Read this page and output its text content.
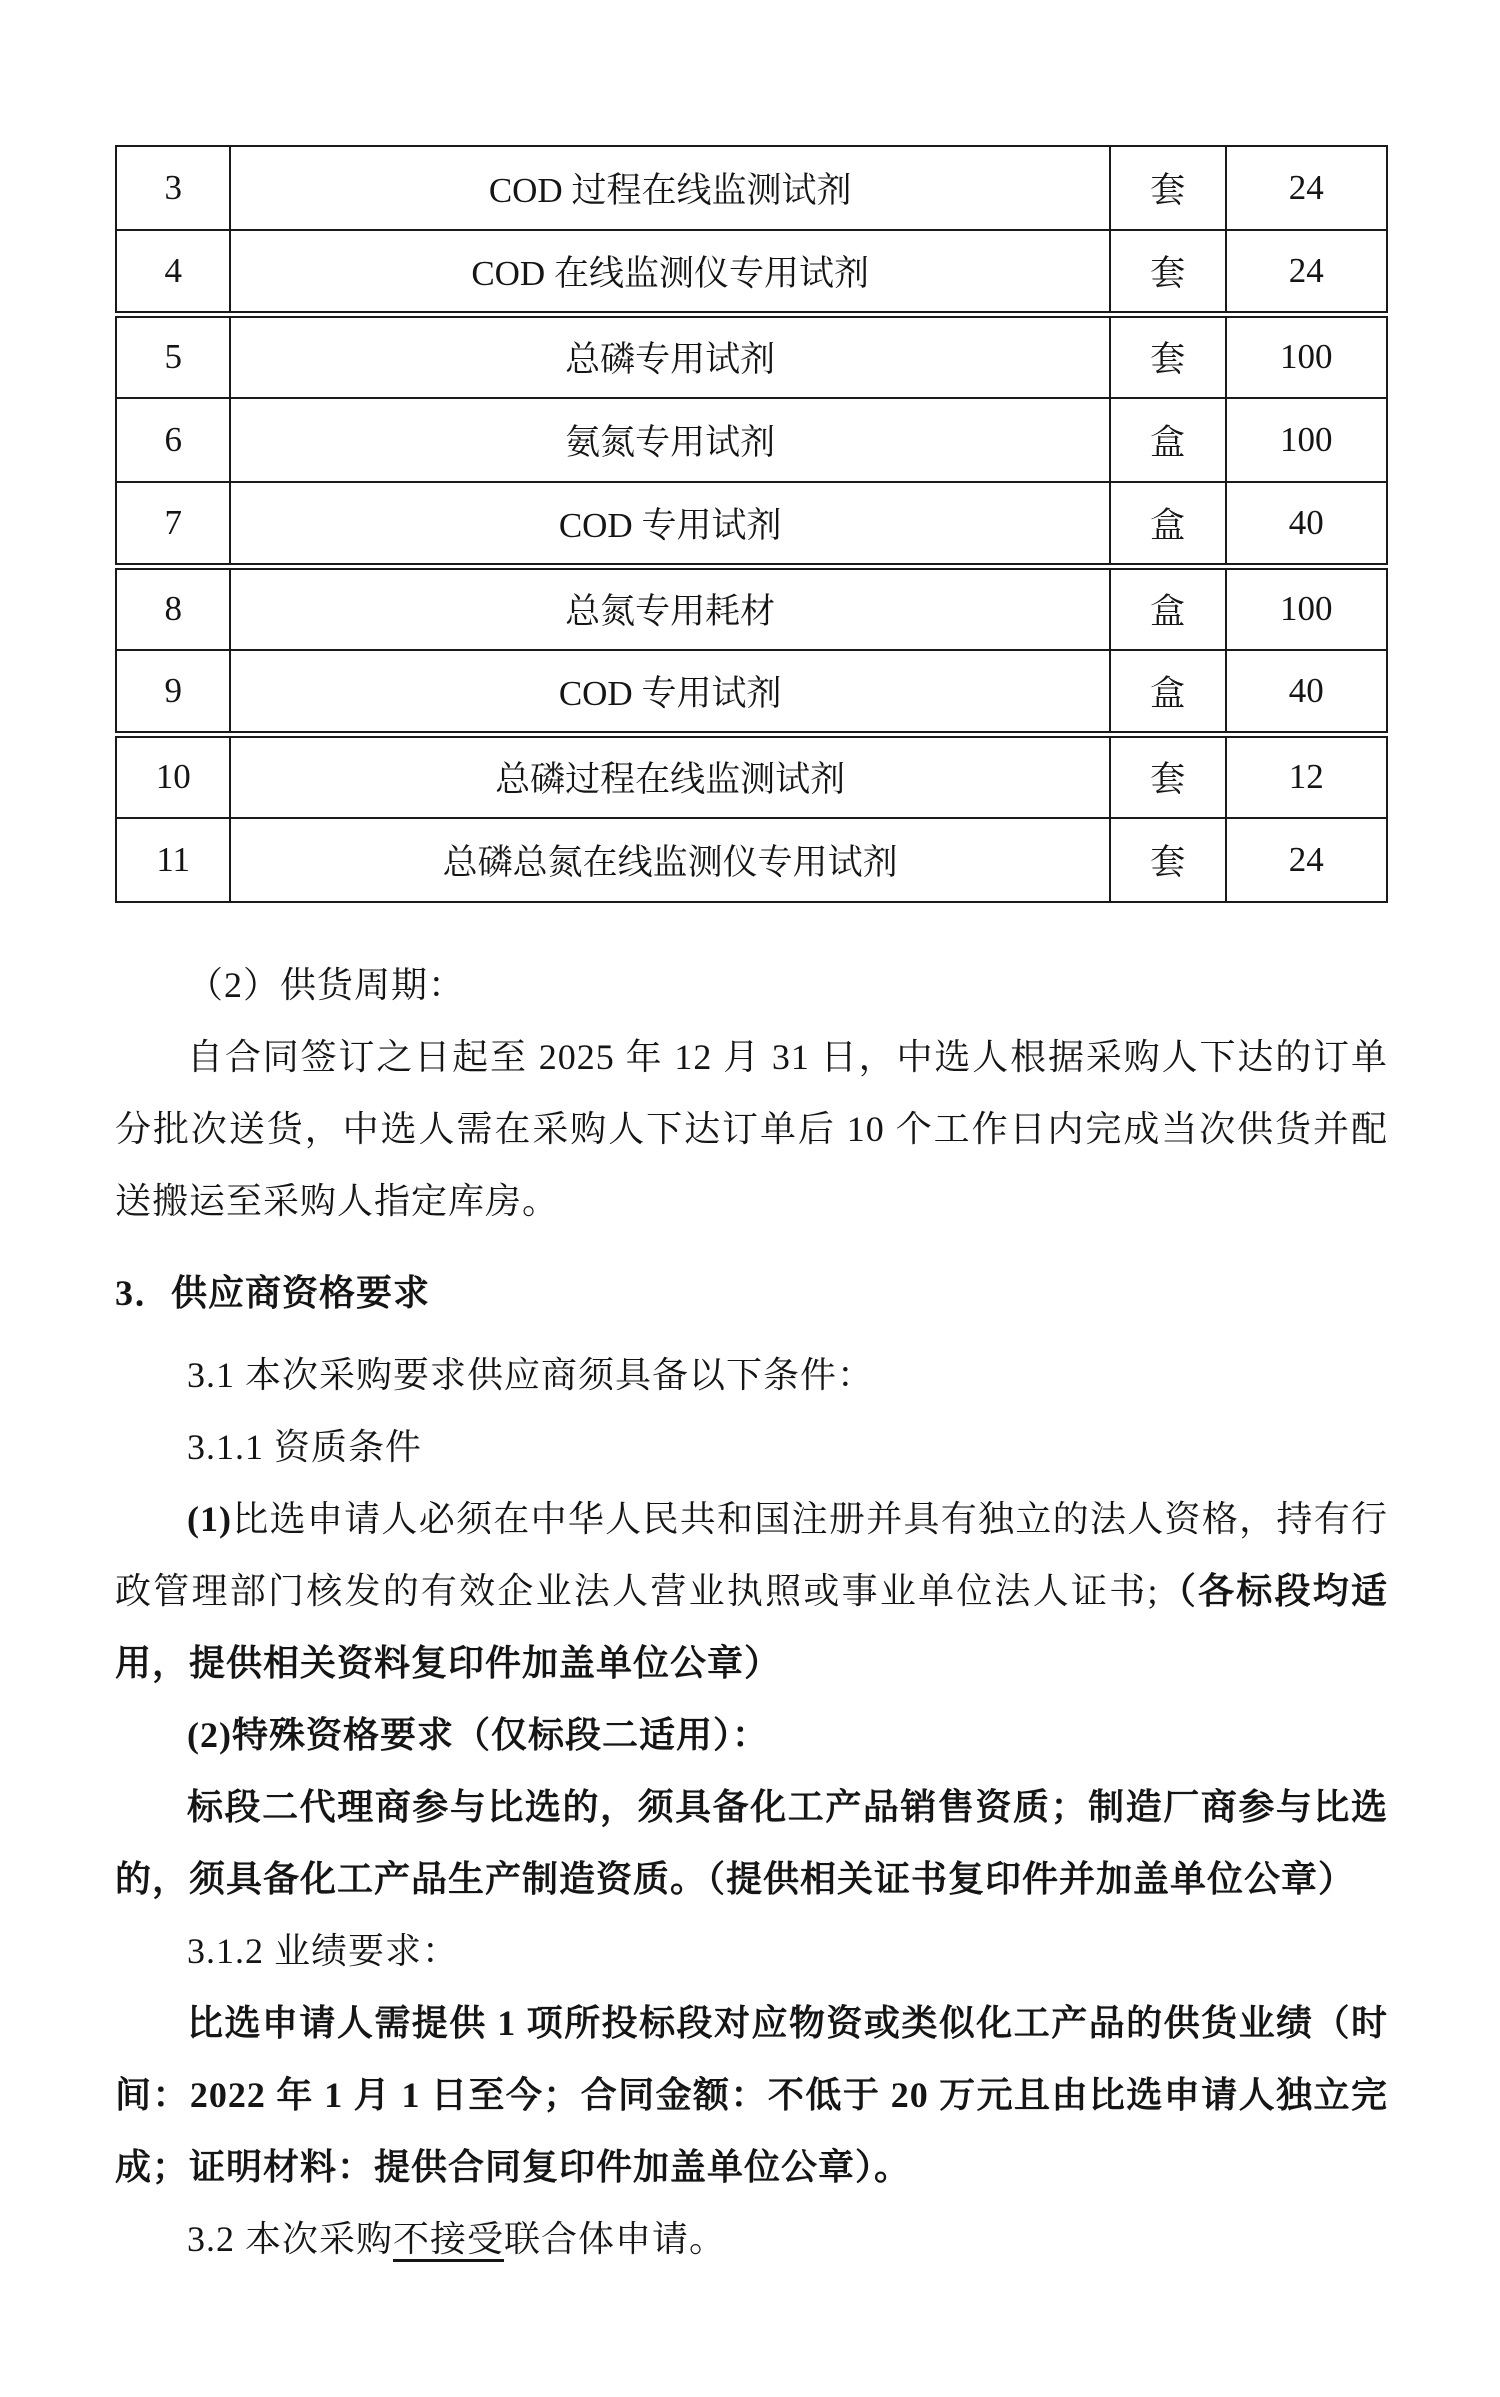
3	COD 过程在线监测试剂	套	24
4	COD 在线监测仪专用试剂	套	24
5	总磷专用试剂	套	100
6	氨氮专用试剂	盒	100
7	COD 专用试剂	盒	40
8	总氮专用耗材	盒	100
9	COD 专用试剂	盒	40
10	总磷过程在线监测试剂	套	12
11	总磷总氮在线监测仪专用试剂	套	24

（2）供货周期：

自合同签订之日起至 2025 年 12 月 31 日，中选人根据采购人下达的订单分批次送货，中选人需在采购人下达订单后 10 个工作日内完成当次供货并配送搬运至采购人指定库房。

3．供应商资格要求

3.1 本次采购要求供应商须具备以下条件：

3.1.1 资质条件

(1)比选申请人必须在中华人民共和国注册并具有独立的法人资格，持有行政管理部门核发的有效企业法人营业执照或事业单位法人证书;（各标段均适用，提供相关资料复印件加盖单位公章）

(2)特殊资格要求（仅标段二适用）：

标段二代理商参与比选的，须具备化工产品销售资质；制造厂商参与比选的，须具备化工产品生产制造资质。（提供相关证书复印件并加盖单位公章）

3.1.2 业绩要求：

比选申请人需提供 1 项所投标段对应物资或类似化工产品的供货业绩（时间：2022 年 1 月 1 日至今；合同金额：不低于 20 万元且由比选申请人独立完成；证明材料：提供合同复印件加盖单位公章）。

3.2 本次采购不接受联合体申请。
